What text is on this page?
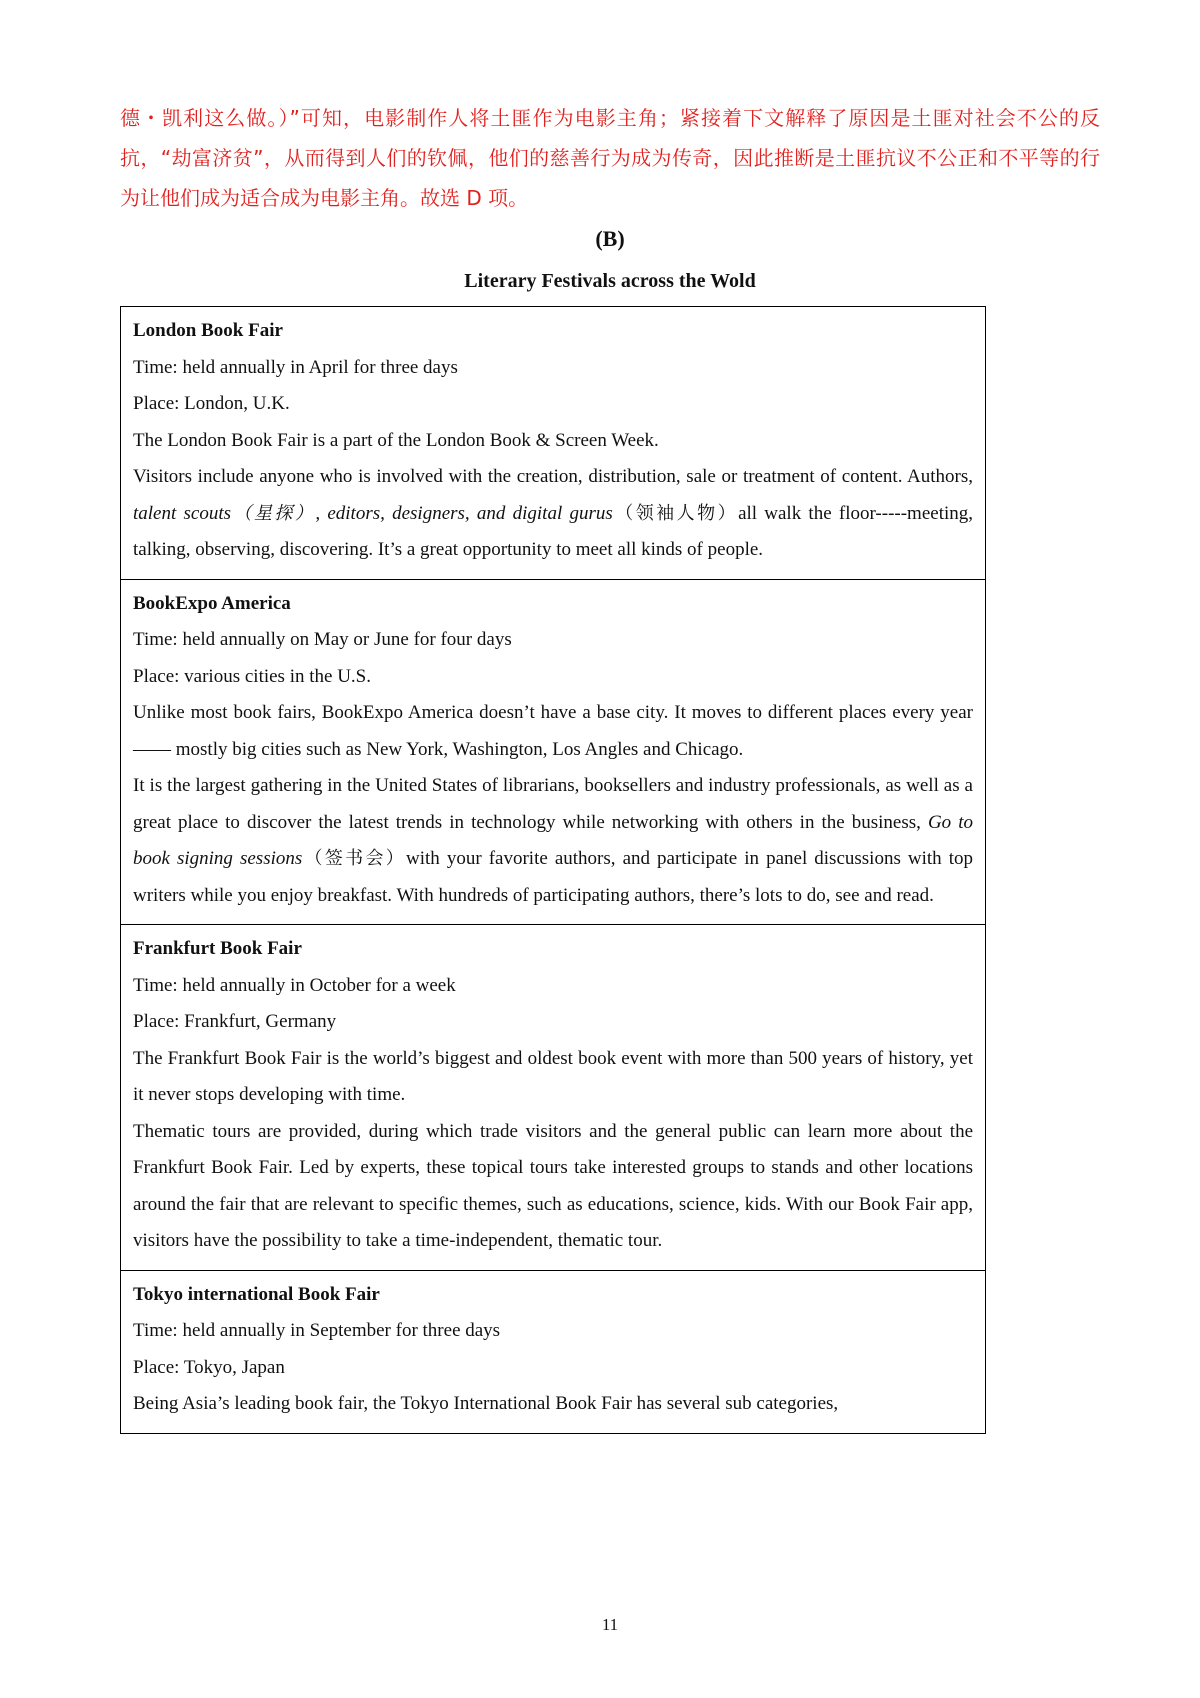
德・凯利这么做。）”可知，电影制作人将土匪作为电影主角；紧接着下文解释了原因是土匪对社会不公的反抗，“劫富济贫”，从而得到人们的钦佩，他们的慈善行为成为传奇，因此推断是土匪抗议不公正和不平等的行为让他们成为适合成为电影主角。故选 D 项。

(B)
Literary Festivals across the Wold

London Book Fair

Time: held annually in April for three days

Place: London, U.K.

The London Book Fair is a part of the London Book & Screen Week.

Visitors include anyone who is involved with the creation, distribution, sale or treatment of content. Authors, talent scouts（星探）, editors, designers, and digital gurus（领袖人物）all walk the floor-----meeting, talking, observing, discovering. It’s a great opportunity to meet all kinds of people.

BookExpo America

Time: held annually on May or June for four days

Place: various cities in the U.S.

Unlike most book fairs, BookExpo America doesn’t have a base city. It moves to different places every year —— mostly big cities such as New York, Washington, Los Angles and Chicago.

It is the largest gathering in the United States of librarians, booksellers and industry professionals, as well as a great place to discover the latest trends in technology while networking with others in the business, Go to book signing sessions（签书会）with your favorite authors, and participate in panel discussions with top writers while you enjoy breakfast. With hundreds of participating authors, there’s lots to do, see and read.

Frankfurt Book Fair

Time: held annually in October for a week

Place: Frankfurt, Germany

The Frankfurt Book Fair is the world’s biggest and oldest book event with more than 500 years of history, yet it never stops developing with time.

Thematic tours are provided, during which trade visitors and the general public can learn more about the Frankfurt Book Fair. Led by experts, these topical tours take interested groups to stands and other locations around the fair that are relevant to specific themes, such as educations, science, kids. With our Book Fair app, visitors have the possibility to take a time-independent, thematic tour.

Tokyo international Book Fair

Time: held annually in September for three days

Place: Tokyo, Japan

Being Asia’s leading book fair, the Tokyo International Book Fair has several sub categories,

11
